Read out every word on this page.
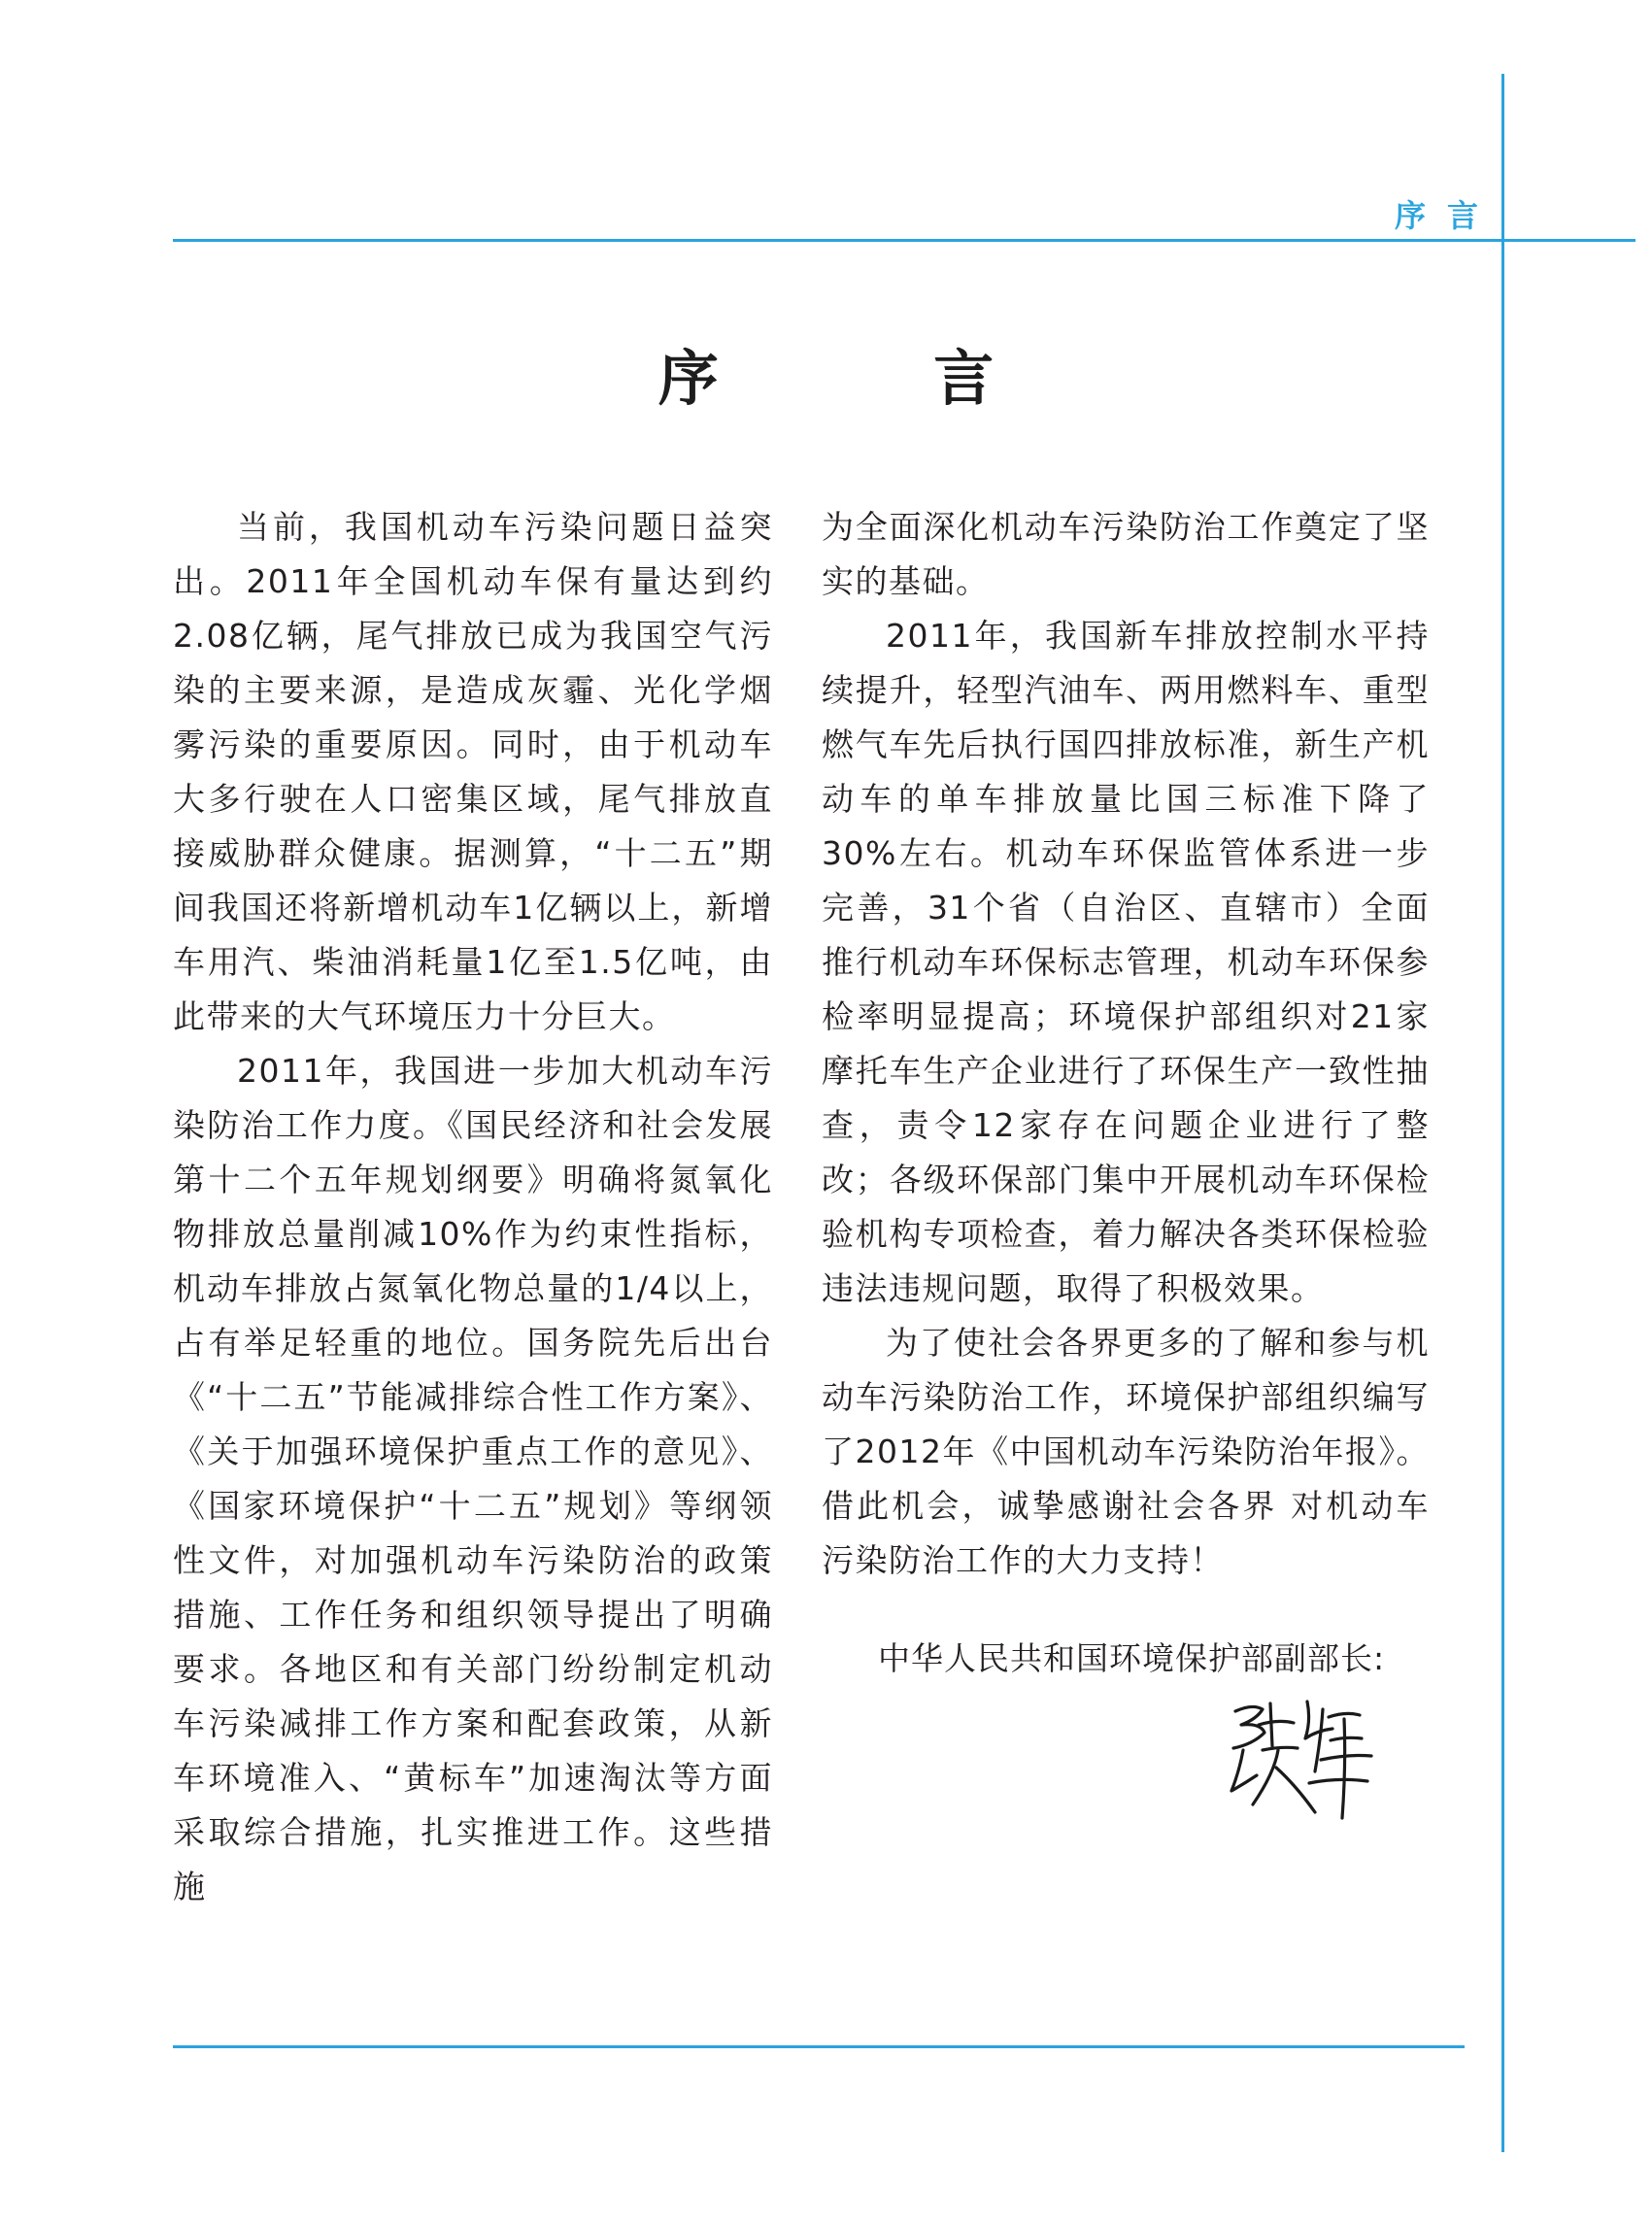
序言
序 言

当前，我国机动车污染问题日益突出。2011年全国机动车保有量达到约2.08亿辆，尾气排放已成为我国空气污染的主要来源，是造成灰霾、光化学烟雾污染的重要原因。同时，由于机动车大多行驶在人口密集区域，尾气排放直接威胁群众健康。据测算，“十二五”期间我国还将新增机动车1亿辆以上，新增车用汽、柴油消耗量1亿至1.5亿吨，由此带来的大气环境压力十分巨大。

2011年，我国进一步加大机动车污染防治工作力度。《国民经济和社会发展第十二个五年规划纲要》明确将氮氧化物排放总量削减10%作为约束性指标，机动车排放占氮氧化物总量的1/4以上，占有举足轻重的地位。国务院先后出台《“十二五”节能减排综合性工作方案》、《关于加强环境保护重点工作的意见》、《国家环境保护“十二五”规划》等纲领性文件，对加强机动车污染防治的政策措施、工作任务和组织领导提出了明确要求。各地区和有关部门纷纷制定机动车污染减排工作方案和配套政策，从新车环境准入、“黄标车”加速淘汰等方面采取综合措施，扎实推进工作。这些措施

为全面深化机动车污染防治工作奠定了坚实的基础。

2011年，我国新车排放控制水平持续提升，轻型汽油车、两用燃料车、重型燃气车先后执行国四排放标准，新生产机动车的单车排放量比国三标准下降了30%左右。机动车环保监管体系进一步完善，31个省（自治区、直辖市）全面推行机动车环保标志管理，机动车环保参检率明显提高；环境保护部组织对21家摩托车生产企业进行了环保生产一致性抽查，责令12家存在问题企业进行了整改；各级环保部门集中开展机动车环保检验机构专项检查，着力解决各类环保检验违法违规问题，取得了积极效果。

为了使社会各界更多的了解和参与机动车污染防治工作，环境保护部组织编写了2012年《中国机动车污染防治年报》。借此机会，诚挚感谢社会各界 对机动车污染防治工作的大力支持！

中华人民共和国环境保护部副部长:
